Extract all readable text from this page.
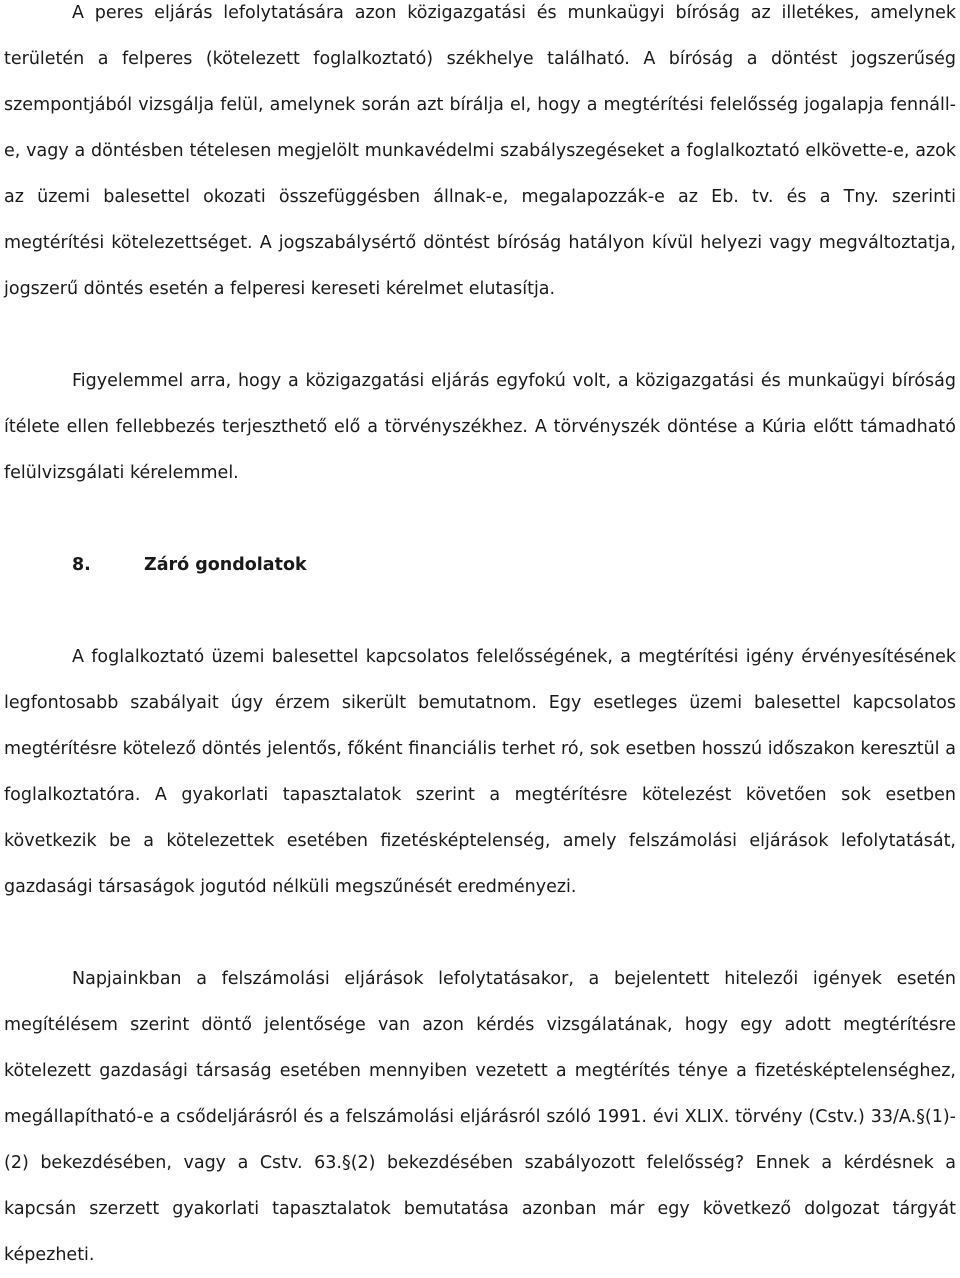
A peres eljárás lefolytatására azon közigazgatási és munkaügyi bíróság az illetékes, amelynek területén a felperes (kötelezett foglalkoztató) székhelye található. A bíróság a döntést jogszerűség szempontjából vizsgálja felül, amelynek során azt bírálja el, hogy a megtérítési felelősség jogalapja fennáll-e, vagy a döntésben tételesen megjelölt munkavédelmi szabályszegéseket a foglalkoztató elkövette-e, azok az üzemi balesettel okozati összefüggésben állnak-e, megalapozzák-e az Eb. tv. és a Tny. szerinti megtérítési kötelezettséget. A jogszabálysértő döntést bíróság hatályon kívül helyezi vagy megváltoztatja, jogszerű döntés esetén a felperesi kereseti kérelmet elutasítja.

Figyelemmel arra, hogy a közigazgatási eljárás egyfokú volt, a közigazgatási és munkaügyi bíróság ítélete ellen fellebbezés terjeszthető elő a törvényszékhez. A törvényszék döntése a Kúria előtt támadható felülvizsgálati kérelemmel.

8.	Záró gondolatok

A foglalkoztató üzemi balesettel kapcsolatos felelősségének, a megtérítési igény érvényesítésének legfontosabb szabályait úgy érzem sikerült bemutatnom. Egy esetleges üzemi balesettel kapcsolatos megtérítésre kötelező döntés jelentős, főként financiális terhet ró, sok esetben hosszú időszakon keresztül a foglalkoztatóra. A gyakorlati tapasztalatok szerint a megtérítésre kötelezést követően sok esetben következik be a kötelezettek esetében fizetésképtelenség, amely felszámolási eljárások lefolytatását, gazdasági társaságok jogutód nélküli megszűnését eredményezi.

Napjainkban a felszámolási eljárások lefolytatásakor, a bejelentett hitelezői igények esetén megítélésem szerint döntő jelentősége van azon kérdés vizsgálatának, hogy egy adott megtérítésre kötelezett gazdasági társaság esetében mennyiben vezetett a megtérítés ténye a fizetésképtelenséghez, megállapítható-e a csődeljárásról és a felszámolási eljárásról szóló 1991. évi XLIX. törvény (Cstv.) 33/A.§(1)-(2) bekezdésében, vagy a Cstv. 63.§(2) bekezdésében szabályozott felelősség? Ennek a kérdésnek a kapcsán szerzett gyakorlati tapasztalatok bemutatása azonban már egy következő dolgozat tárgyát képezheti.
